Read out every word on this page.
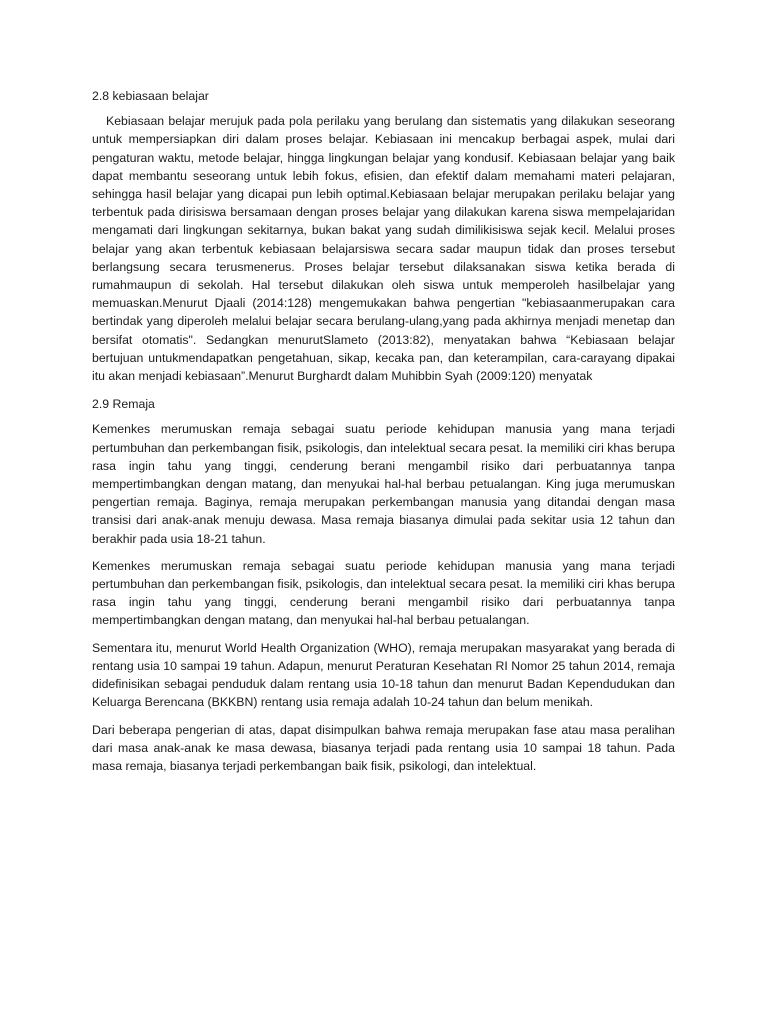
2.8 kebiasaan belajar

Kebiasaan belajar merujuk pada pola perilaku yang berulang dan sistematis yang dilakukan seseorang untuk mempersiapkan diri dalam proses belajar. Kebiasaan ini mencakup berbagai aspek, mulai dari pengaturan waktu, metode belajar, hingga lingkungan belajar yang kondusif. Kebiasaan belajar yang baik dapat membantu seseorang untuk lebih fokus, efisien, dan efektif dalam memahami materi pelajaran, sehingga hasil belajar yang dicapai pun lebih optimal.Kebiasaan belajar merupakan perilaku belajar yang terbentuk pada dirisiswa bersamaan dengan proses belajar yang dilakukan karena siswa mempelajaridan mengamati dari lingkungan sekitarnya, bukan bakat yang sudah dimilikisiswa sejak kecil. Melalui proses belajar yang akan terbentuk kebiasaan belajarsiswa secara sadar maupun tidak dan proses tersebut berlangsung secara terusmenerus. Proses belajar tersebut dilaksanakan siswa ketika berada di rumahmaupun di sekolah. Hal tersebut dilakukan oleh siswa untuk memperoleh hasilbelajar yang memuaskan.Menurut Djaali (2014:128) mengemukakan bahwa pengertian "kebiasaanmerupakan cara bertindak yang diperoleh melalui belajar secara berulang-ulang,yang pada akhirnya menjadi menetap dan bersifat otomatis". Sedangkan menurutSlameto (2013:82), menyatakan bahwa “Kebiasaan belajar bertujuan untukmendapatkan pengetahuan, sikap, kecaka pan, dan keterampilan, cara-carayang dipakai itu akan menjadi kebiasaan”.Menurut Burghardt dalam Muhibbin Syah (2009:120) menyatak

2.9 Remaja

Kemenkes merumuskan remaja sebagai suatu periode kehidupan manusia yang mana terjadi pertumbuhan dan perkembangan fisik, psikologis, dan intelektual secara pesat. Ia memiliki ciri khas berupa rasa ingin tahu yang tinggi, cenderung berani mengambil risiko dari perbuatannya tanpa mempertimbangkan dengan matang, dan menyukai hal-hal berbau petualangan. King juga merumuskan pengertian remaja. Baginya, remaja merupakan perkembangan manusia yang ditandai dengan masa transisi dari anak-anak menuju dewasa. Masa remaja biasanya dimulai pada sekitar usia 12 tahun dan berakhir pada usia 18-21 tahun.

Kemenkes merumuskan remaja sebagai suatu periode kehidupan manusia yang mana terjadi pertumbuhan dan perkembangan fisik, psikologis, dan intelektual secara pesat. Ia memiliki ciri khas berupa rasa ingin tahu yang tinggi, cenderung berani mengambil risiko dari perbuatannya tanpa mempertimbangkan dengan matang, dan menyukai hal-hal berbau petualangan.

Sementara itu, menurut World Health Organization (WHO), remaja merupakan masyarakat yang berada di rentang usia 10 sampai 19 tahun. Adapun, menurut Peraturan Kesehatan RI Nomor 25 tahun 2014, remaja didefinisikan sebagai penduduk dalam rentang usia 10-18 tahun dan menurut Badan Kependudukan dan Keluarga Berencana (BKKBN) rentang usia remaja adalah 10-24 tahun dan belum menikah.

Dari beberapa pengerian di atas, dapat disimpulkan bahwa remaja merupakan fase atau masa peralihan dari masa anak-anak ke masa dewasa, biasanya terjadi pada rentang usia 10 sampai 18 tahun. Pada masa remaja, biasanya terjadi perkembangan baik fisik, psikologi, dan intelektual.
